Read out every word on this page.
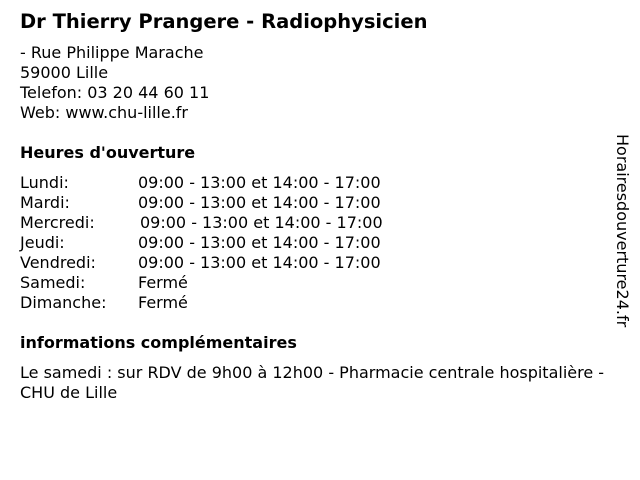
Dr Thierry Prangere - Radiophysicien
- Rue Philippe Marache
59000 Lille
Telefon: 03 20 44 60 11
Web: www.chu-lille.fr
Heures d'ouverture
Lundi:	09:00 - 13:00 et 14:00 - 17:00
Mardi:	09:00 - 13:00 et 14:00 - 17:00
Mercredi:	09:00 - 13:00 et 14:00 - 17:00
Jeudi:	09:00 - 13:00 et 14:00 - 17:00
Vendredi:	09:00 - 13:00 et 14:00 - 17:00
Samedi:	Fermé
Dimanche: Fermé
informations complémentaires
Le samedi : sur RDV de 9h00 à 12h00 - Pharmacie centrale hospitalière - CHU de Lille
Horairesdouverture24.fr
